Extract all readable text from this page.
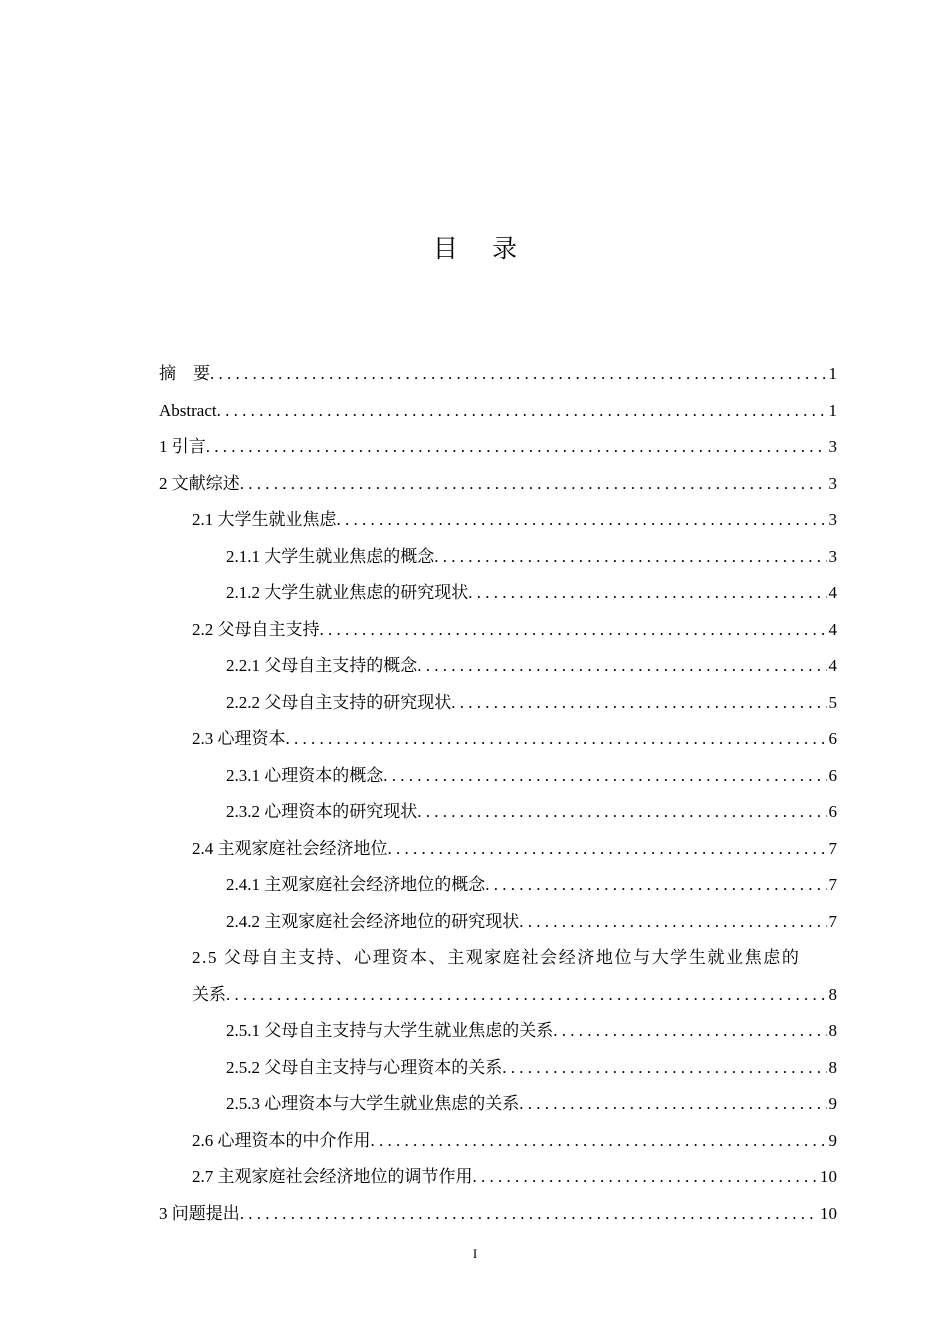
目 录
摘　要 . . .	1
Abstract . . .	1
1 引言 . . .	3
2 文献综述 . . .	3
2.1 大学生就业焦虑 . . .	3
2.1.1 大学生就业焦虑的概念 . . .	3
2.1.2 大学生就业焦虑的研究现状 . . .	4
2.2 父母自主支持 . . .	4
2.2.1 父母自主支持的概念 . . .	4
2.2.2 父母自主支持的研究现状 . . .	5
2.3 心理资本 . . .	6
2.3.1 心理资本的概念 . . .	6
2.3.2 心理资本的研究现状 . . .	6
2.4 主观家庭社会经济地位 . . .	7
2.4.1 主观家庭社会经济地位的概念 . . .	7
2.4.2 主观家庭社会经济地位的研究现状 . . .	7
2.5 父母自主支持、心理资本、主观家庭社会经济地位与大学生就业焦虑的
关系 . . .	8
2.5.1 父母自主支持与大学生就业焦虑的关系 . . .	8
2.5.2 父母自主支持与心理资本的关系 . . .	8
2.5.3 心理资本与大学生就业焦虑的关系 . . .	9
2.6 心理资本的中介作用 . . .	9
2.7 主观家庭社会经济地位的调节作用 . . .	10
3 问题提出 . . .	10
I
